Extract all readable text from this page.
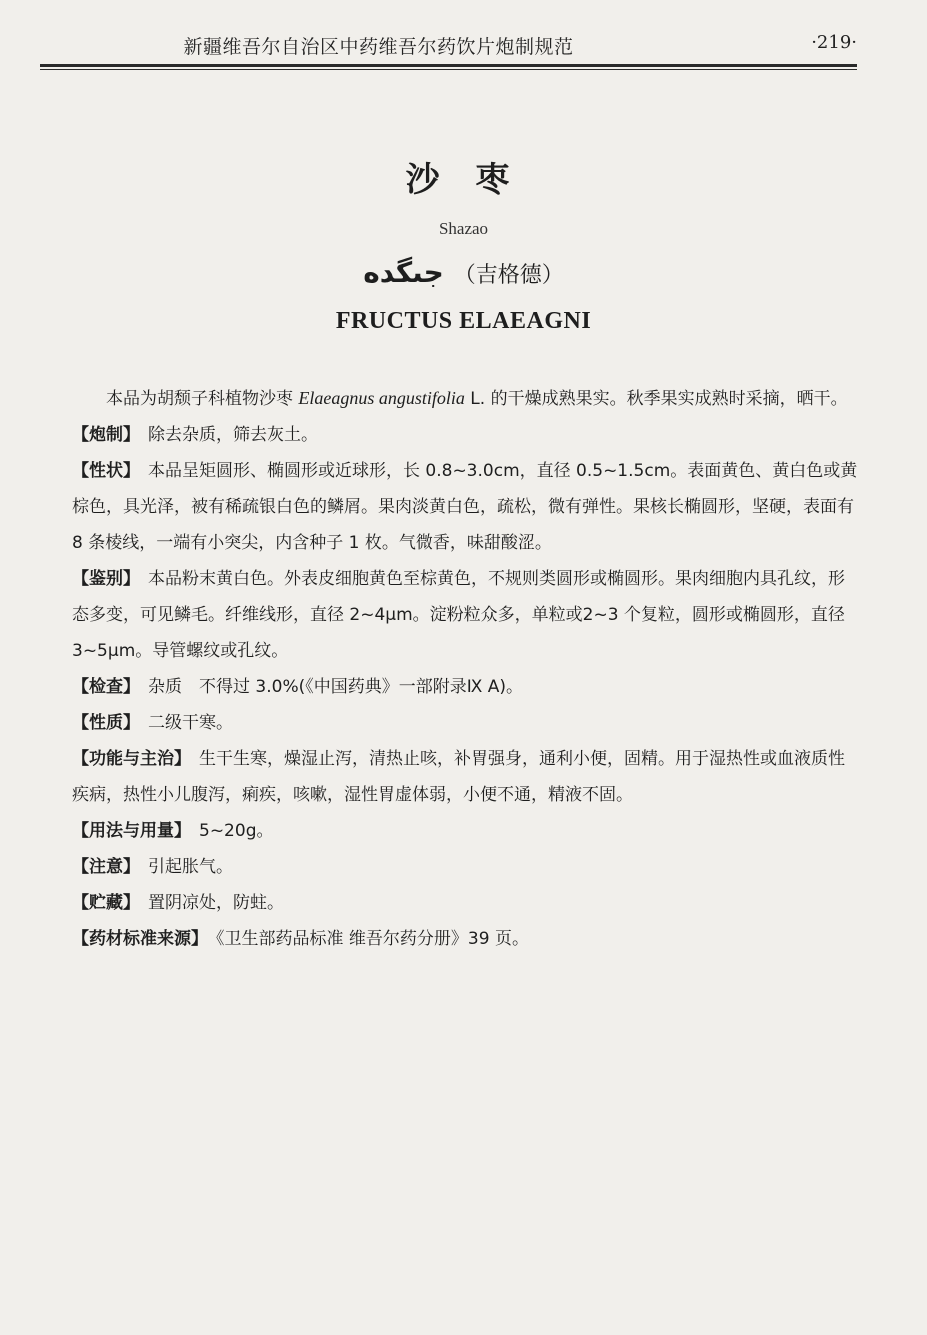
新疆维吾尔自治区中药维吾尔药饮片炮制规范	·219·
沙 枣
Shazao
جىگدە （吉格德）
FRUCTUS ELAEAGNI

本品为胡颓子科植物沙枣 Elaeagnus angustifolia L. 的干燥成熟果实。秋季果实成熟时采摘，晒干。

【炮制】 除去杂质，筛去灰土。

【性状】 本品呈矩圆形、椭圆形或近球形，长 0.8~3.0cm，直径 0.5~1.5cm。表面黄色、黄白色或黄棕色，具光泽，被有稀疏银白色的鳞屑。果肉淡黄白色，疏松，微有弹性。果核长椭圆形，坚硬，表面有 8 条棱线，一端有小突尖，内含种子 1 枚。气微香，味甜酸涩。

【鉴别】 本品粉末黄白色。外表皮细胞黄色至棕黄色，不规则类圆形或椭圆形。果肉细胞内具孔纹，形态多变，可见鳞毛。纤维线形，直径 2~4μm。淀粉粒众多，单粒或2~3 个复粒，圆形或椭圆形，直径 3~5μm。导管螺纹或孔纹。

【检查】 杂质　不得过 3.0%(《中国药典》一部附录Ⅸ A)。

【性质】 二级干寒。

【功能与主治】 生干生寒，燥湿止泻，清热止咳，补胃强身，通利小便，固精。用于湿热性或血液质性疾病，热性小儿腹泻，痢疾，咳嗽，湿性胃虚体弱，小便不通，精液不固。

【用法与用量】 5~20g。

【注意】 引起胀气。

【贮藏】 置阴凉处，防蛀。

【药材标准来源】 《卫生部药品标准 维吾尔药分册》39 页。
